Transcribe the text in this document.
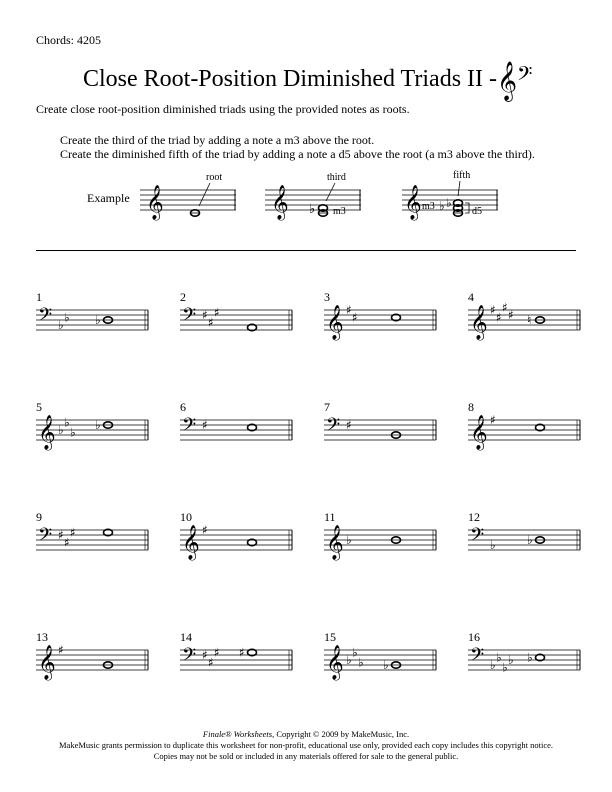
Chords: 4205
Close Root-Position Diminished Triads II - 𝄞 𝄢
Create close root-position diminished triads using the provided notes as roots.
Create the third of the triad by adding a note a m3 above the root.
Create the diminished fifth of the triad by adding a note a d5 above the root (a m3 above the third).
Example 𝄞
root
𝄞 ♭ m3
third
𝄞 m3 ♭ ♭
d5
fifth
1
𝄢 ♭
♭ ♭
2
𝄢 ♯
♯
♯
3
𝄞 ♯
♯
4
𝄞 ♯
♯
♯
♯ ♮
5
𝄞 ♭
♭
♭
♭
6
𝄢 ♯
7
𝄢 ♯
8
𝄞 ♯
9
𝄢 ♯
♯
♯
10
𝄞 ♯
11
𝄞 ♭
12
𝄢 ♭	♭
13
𝄞 ♯
14
𝄢 ♯
♯
♯ ♯
15
𝄞 ♭
♭
♭ ♭
16
𝄢 ♭
♭
♭
♭ ♭
Finale® Worksheets, Copyright © 2009 by MakeMusic, Inc.
MakeMusic grants permission to duplicate this worksheet for non-profit, educational use only, provided each copy includes this copyright notice.
Copies may not be sold or included in any materials offered for sale to the general public.
